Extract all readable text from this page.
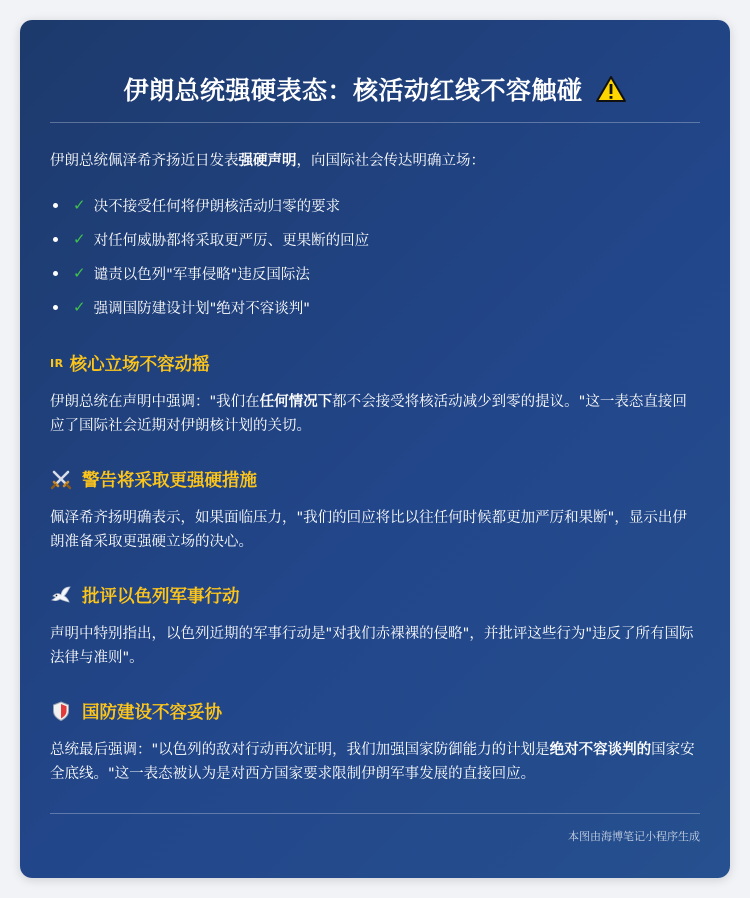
伊朗总统强硬表态：核活动红线不容触碰
伊朗总统佩泽希齐扬近日发表强硬声明，向国际社会传达明确立场：
✓ 决不接受任何将伊朗核活动归零的要求
✓ 对任何威胁都将采取更严厉、更果断的回应
✓ 谴责以色列"军事侵略"违反国际法
✓ 强调国防建设计划"绝对不容谈判"
IR 核心立场不容动摇
伊朗总统在声明中强调："我们在任何情况下都不会接受将核活动减少到零的提议。"这一表态直接回应了国际社会近期对伊朗核计划的关切。
警告将采取更强硬措施
佩泽希齐扬明确表示，如果面临压力，"我们的回应将比以往任何时候都更加严厉和果断"，显示出伊朗准备采取更强硬立场的决心。
批评以色列军事行动
声明中特别指出，以色列近期的军事行动是"对我们赤裸裸的侵略"，并批评这些行为"违反了所有国际法律与准则"。
国防建设不容妥协
总统最后强调："以色列的敌对行动再次证明，我们加强国家防御能力的计划是绝对不容谈判的国家安全底线。"这一表态被认为是对西方国家要求限制伊朗军事发展的直接回应。
本图由海博笔记小程序生成
